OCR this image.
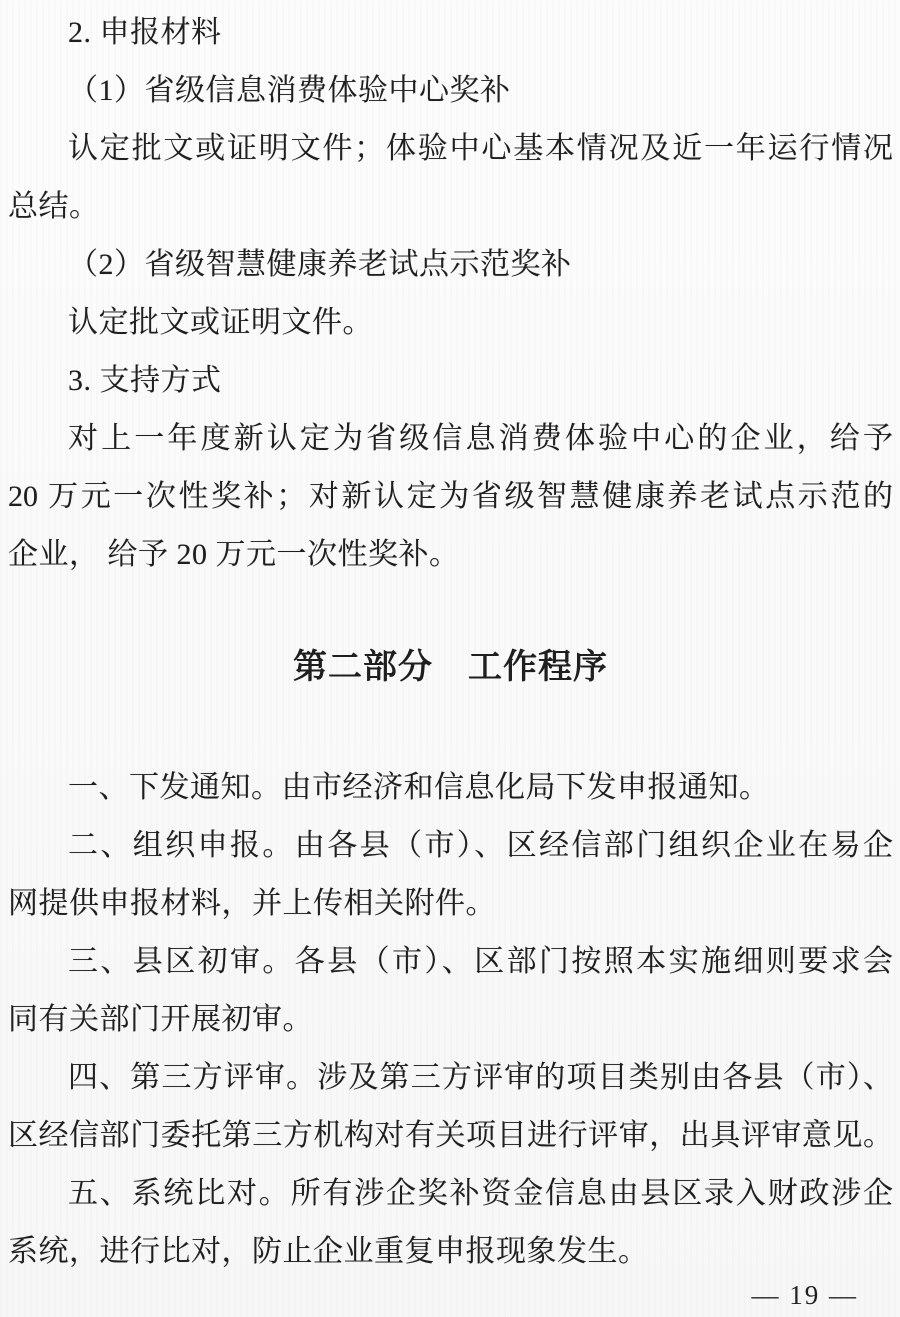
2. 申报材料
（1）省级信息消费体验中心奖补
认定批文或证明文件；体验中心基本情况及近一年运行情况
总结。
（2）省级智慧健康养老试点示范奖补
认定批文或证明文件。
3. 支持方式
对上一年度新认定为省级信息消费体验中心的企业，给予
20 万元一次性奖补；对新认定为省级智慧健康养老试点示范的
企业， 给予 20 万元一次性奖补。
第二部分　工作程序
一、下发通知。由市经济和信息化局下发申报通知。
二、组织申报。由各县（市）、区经信部门组织企业在易企
网提供申报材料，并上传相关附件。
三、县区初审。各县（市）、区部门按照本实施细则要求会
同有关部门开展初审。
四、第三方评审。涉及第三方评审的项目类别由各县（市）、
区经信部门委托第三方机构对有关项目进行评审，出具评审意见。
五、系统比对。所有涉企奖补资金信息由县区录入财政涉企
系统，进行比对，防止企业重复申报现象发生。
— 19 —
